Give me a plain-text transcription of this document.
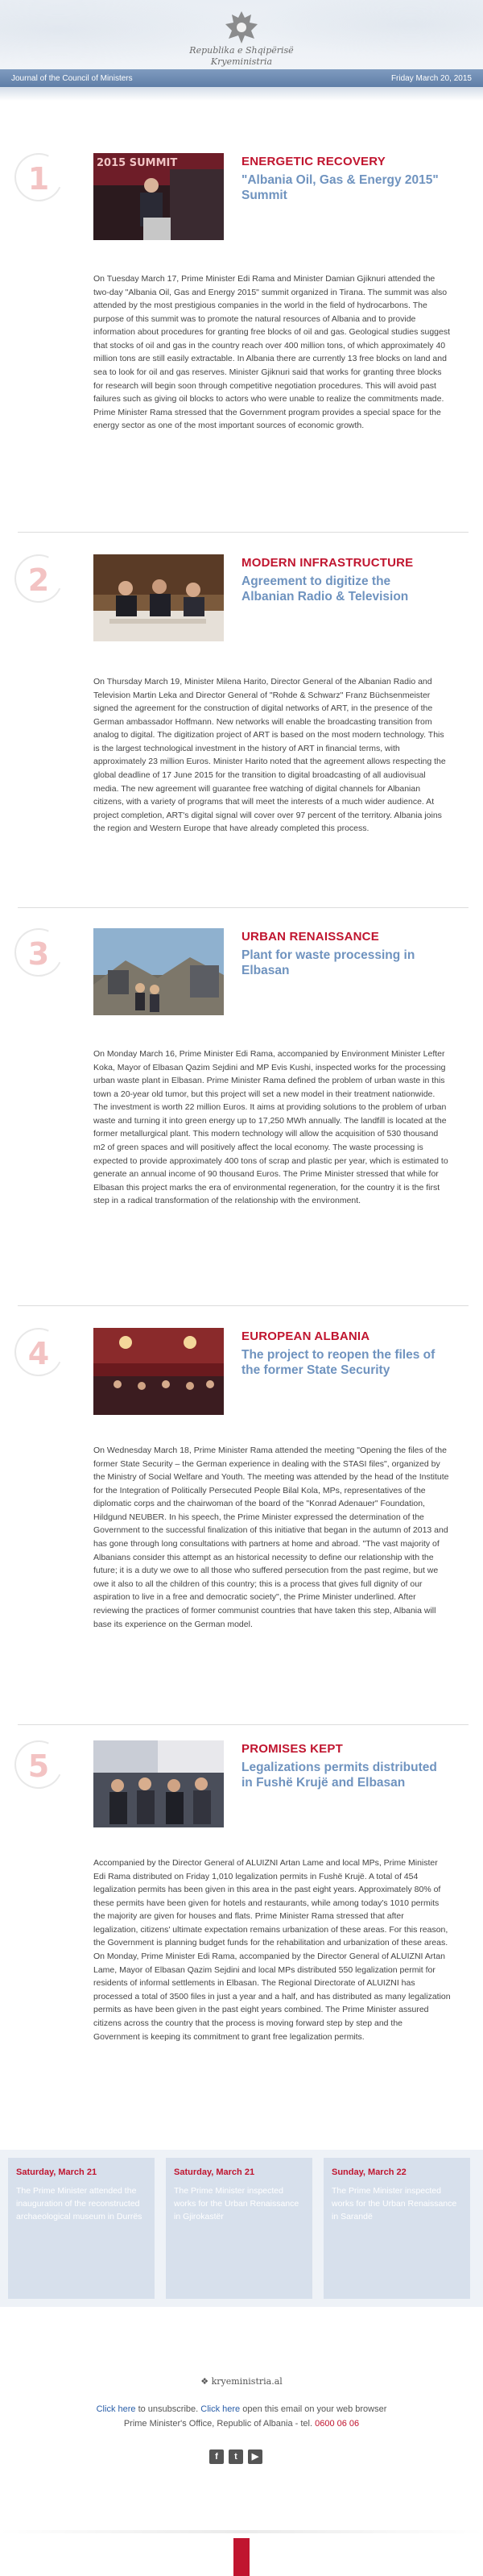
Republika e Shqipërisë
Kryeministria
Journal of the Council of Ministers	Friday March 20, 2015
1	2015 SUMMIT	ENERGETIC RECOVERY
"Albania Oil, Gas & Energy 2015" Summit
On Tuesday March 17, Prime Minister Edi Rama and Minister Damian Gjiknuri attended the two-day "Albania Oil, Gas and Energy 2015" summit organized in Tirana. The summit was also attended by the most prestigious companies in the world in the field of hydrocarbons. The purpose of this summit was to promote the natural resources of Albania and to provide information about procedures for granting free blocks of oil and gas. Geological studies suggest that stocks of oil and gas in the country reach over 400 million tons, of which approximately 40 million tons are still easily extractable. In Albania there are currently 13 free blocks on land and sea to look for oil and gas reserves. Minister Gjiknuri said that works for granting three blocks for research will begin soon through competitive negotiation procedures. This will avoid past failures such as giving oil blocks to actors who were unable to realize the commitments made. Prime Minister Rama stressed that the Government program provides a special space for the energy sector as one of the most important sources of economic growth.
2	MODERN INFRASTRUCTURE
Agreement to digitize the Albanian Radio & Television
On Thursday March 19, Minister Milena Harito, Director General of the Albanian Radio and Television Martin Leka and Director General of "Rohde & Schwarz" Franz Büchsenmeister signed the agreement for the construction of digital networks of ART, in the presence of the German ambassador Hoffmann. New networks will enable the broadcasting transition from analog to digital. The digitization project of ART is based on the most modern technology. This is the largest technological investment in the history of ART in financial terms, with approximately 23 million Euros. Minister Harito noted that the agreement allows respecting the global deadline of 17 June 2015 for the transition to digital broadcasting of all audiovisual media. The new agreement will guarantee free watching of digital channels for Albanian citizens, with a variety of programs that will meet the interests of a much wider audience. At project completion, ART's digital signal will cover over 97 percent of the territory. Albania joins the region and Western Europe that have already completed this process.
3	URBAN RENAISSANCE
Plant for waste processing in Elbasan
On Monday March 16, Prime Minister Edi Rama, accompanied by Environment Minister Lefter Koka, Mayor of Elbasan Qazim Sejdini and MP Evis Kushi, inspected works for the processing urban waste plant in Elbasan. Prime Minister Rama defined the problem of urban waste in this town a 20-year old tumor, but this project will set a new model in their treatment nationwide. The investment is worth 22 million Euros. It aims at providing solutions to the problem of urban waste and turning it into green energy up to 17,250 MWh annually. The landfill is located at the former metallurgical plant. This modern technology will allow the acquisition of 530 thousand m2 of green spaces and will positively affect the local economy. The waste processing is expected to provide approximately 400 tons of scrap and plastic per year, which is estimated to generate an annual income of 90 thousand Euros. The Prime Minister stressed that while for Elbasan this project marks the era of environmental regeneration, for the country it is the first step in a radical transformation of the relationship with the environment.
4	EUROPEAN ALBANIA
The project to reopen the files of the former State Security
On Wednesday March 18, Prime Minister Rama attended the meeting "Opening the files of the former State Security – the German experience in dealing with the STASI files", organized by the Ministry of Social Welfare and Youth. The meeting was attended by the head of the Institute for the Integration of Politically Persecuted People Bilal Kola, MPs, representatives of the diplomatic corps and the chairwoman of the board of the "Konrad Adenauer" Foundation, Hildgund NEUBER. In his speech, the Prime Minister expressed the determination of the Government to the successful finalization of this initiative that began in the autumn of 2013 and has gone through long consultations with partners at home and abroad. "The vast majority of Albanians consider this attempt as an historical necessity to define our relationship with the future; it is a duty we owe to all those who suffered persecution from the past regime, but we owe it also to all the children of this country; this is a process that gives full dignity of our aspiration to live in a free and democratic society", the Prime Minister underlined. After reviewing the practices of former communist countries that have taken this step, Albania will base its experience on the German model.
5	PROMISES KEPT
Legalizations permits distributed in Fushë Krujë and Elbasan
Accompanied by the Director General of ALUIZNI Artan Lame and local MPs, Prime Minister Edi Rama distributed on Friday 1,010 legalization permits in Fushë Krujë. A total of 454 legalization permits has been given in this area in the past eight years. Approximately 80% of these permits have been given for hotels and restaurants, while among today's 1010 permits the majority are given for houses and flats. Prime Minister Rama stressed that after legalization, citizens' ultimate expectation remains urbanization of these areas. For this reason, the Government is planning budget funds for the rehabilitation and urbanization of these areas. On Monday, Prime Minister Edi Rama, accompanied by the Director General of ALUIZNI Artan Lame, Mayor of Elbasan Qazim Sejdini and local MPs distributed 550 legalization permit for residents of informal settlements in Elbasan. The Regional Directorate of ALUIZNI has processed a total of 3500 files in just a year and a half, and has distributed as many legalization permits as have been given in the past eight years combined. The Prime Minister assured citizens across the country that the process is moving forward step by step and the Government is keeping its commitment to grant free legalization permits.
Saturday, March 21
The Prime Minister attended the inauguration of the reconstructed archaeological museum in Durrës
Saturday, March 21
The Prime Minister inspected works for the Urban Renaissance in Gjirokastër
Sunday, March 22
The Prime Minister inspected works for the Urban Renaissance in Sarandë
❖ kryeministria.al
Click here to unsubscribe. Click here open this email on your web browser
Prime Minister's Office, Republic of Albania - tel. 0600 06 06
f	t	▶
